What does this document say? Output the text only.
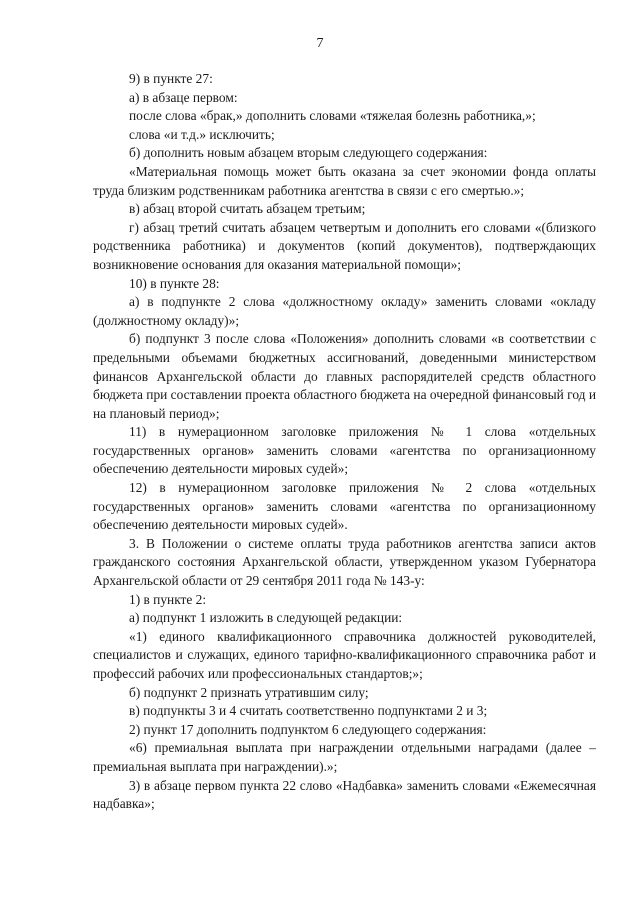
7

9) в пункте 27:

а) в абзаце первом:

после слова «брак,» дополнить словами «тяжелая болезнь работника,»;

слова «и т.д.» исключить;

б) дополнить новым абзацем вторым следующего содержания:

«Материальная помощь может быть оказана за счет экономии фонда оплаты труда близким родственникам работника агентства в связи с его смертью.»;

в) абзац второй считать абзацем третьим;

г) абзац третий считать абзацем четвертым и дополнить его словами «(близкого родственника работника) и документов (копий документов), подтверждающих возникновение основания для оказания материальной помощи»;

10) в пункте 28:

а) в подпункте 2 слова «должностному окладу» заменить словами «окладу (должностному окладу)»;

б) подпункт 3 после слова «Положения» дополнить словами «в соответствии с предельными объемами бюджетных ассигнований, доведенными министерством финансов Архангельской области до главных распорядителей средств областного бюджета при составлении проекта областного бюджета на очередной финансовый год и на плановый период»;

11) в нумерационном заголовке приложения № 1 слова «отдельных государственных органов» заменить словами «агентства по организационному обеспечению деятельности мировых судей»;

12) в нумерационном заголовке приложения № 2 слова «отдельных государственных органов» заменить словами «агентства по организационному обеспечению деятельности мировых судей».

3. В Положении о системе оплаты труда работников агентства записи актов гражданского состояния Архангельской области, утвержденном указом Губернатора Архангельской области от 29 сентября 2011 года № 143-у:

1) в пункте 2:

а) подпункт 1 изложить в следующей редакции:

«1) единого квалификационного справочника должностей руководителей, специалистов и служащих, единого тарифно-квалификационного справочника работ и профессий рабочих или профессиональных стандартов;»;

б) подпункт 2 признать утратившим силу;

в) подпункты 3 и 4 считать соответственно подпунктами 2 и 3;

2) пункт 17 дополнить подпунктом 6 следующего содержания:

«6) премиальная выплата при награждении отдельными наградами (далее – премиальная выплата при награждении).»;

3) в абзаце первом пункта 22 слово «Надбавка» заменить словами «Ежемесячная надбавка»;
